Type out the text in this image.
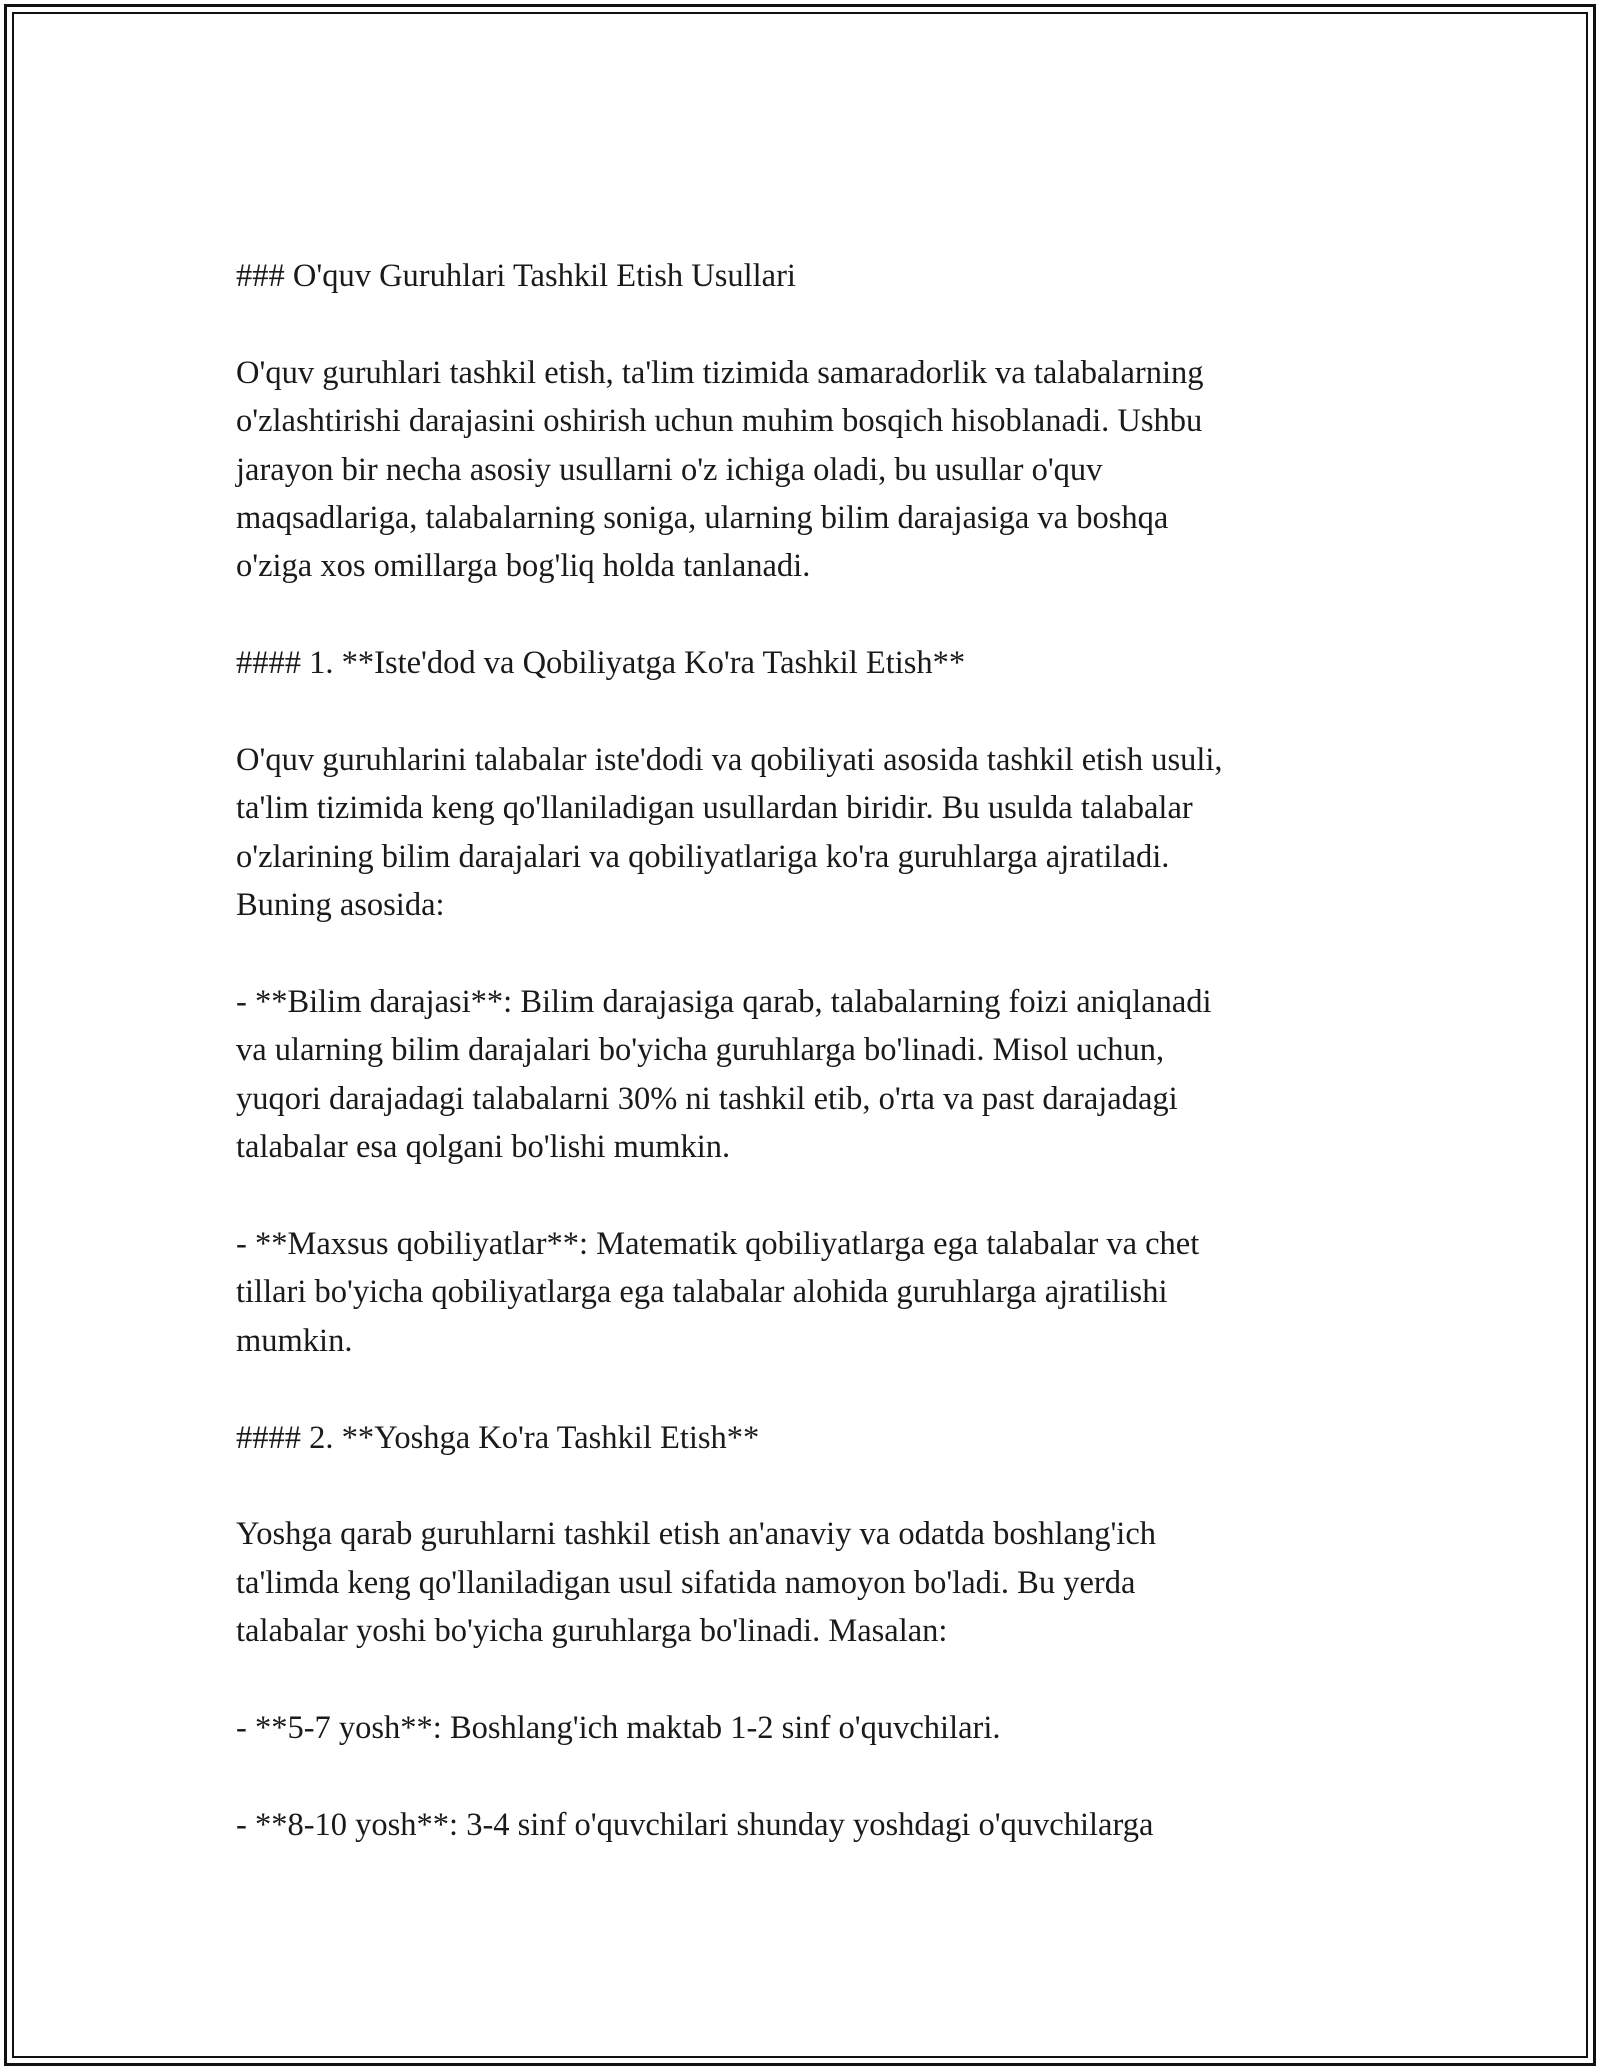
### O'quv Guruhlari Tashkil Etish Usullari
O'quv guruhlari tashkil etish, ta'lim tizimida samaradorlik va talabalarning
o'zlashtirishi darajasini oshirish uchun muhim bosqich hisoblanadi. Ushbu
jarayon bir necha asosiy usullarni o'z ichiga oladi, bu usullar o'quv
maqsadlariga, talabalarning soniga, ularning bilim darajasiga va boshqa
o'ziga xos omillarga bog'liq holda tanlanadi.
#### 1. **Iste'dod va Qobiliyatga Ko'ra Tashkil Etish**
O'quv guruhlarini talabalar iste'dodi va qobiliyati asosida tashkil etish usuli,
ta'lim tizimida keng qo'llaniladigan usullardan biridir. Bu usulda talabalar
o'zlarining bilim darajalari va qobiliyatlariga ko'ra guruhlarga ajratiladi.
Buning asosida:
- **Bilim darajasi**: Bilim darajasiga qarab, talabalarning foizi aniqlanadi
va ularning bilim darajalari bo'yicha guruhlarga bo'linadi. Misol uchun,
yuqori darajadagi talabalarni 30% ni tashkil etib, o'rta va past darajadagi
talabalar esa qolgani bo'lishi mumkin.
- **Maxsus qobiliyatlar**: Matematik qobiliyatlarga ega talabalar va chet
tillari bo'yicha qobiliyatlarga ega talabalar alohida guruhlarga ajratilishi
mumkin.
#### 2. **Yoshga Ko'ra Tashkil Etish**
Yoshga qarab guruhlarni tashkil etish an'anaviy va odatda boshlang'ich
ta'limda keng qo'llaniladigan usul sifatida namoyon bo'ladi. Bu yerda
talabalar yoshi bo'yicha guruhlarga bo'linadi. Masalan:
- **5-7 yosh**: Boshlang'ich maktab 1-2 sinf o'quvchilari.
- **8-10 yosh**: 3-4 sinf o'quvchilari shunday yoshdagi o'quvchilarga
